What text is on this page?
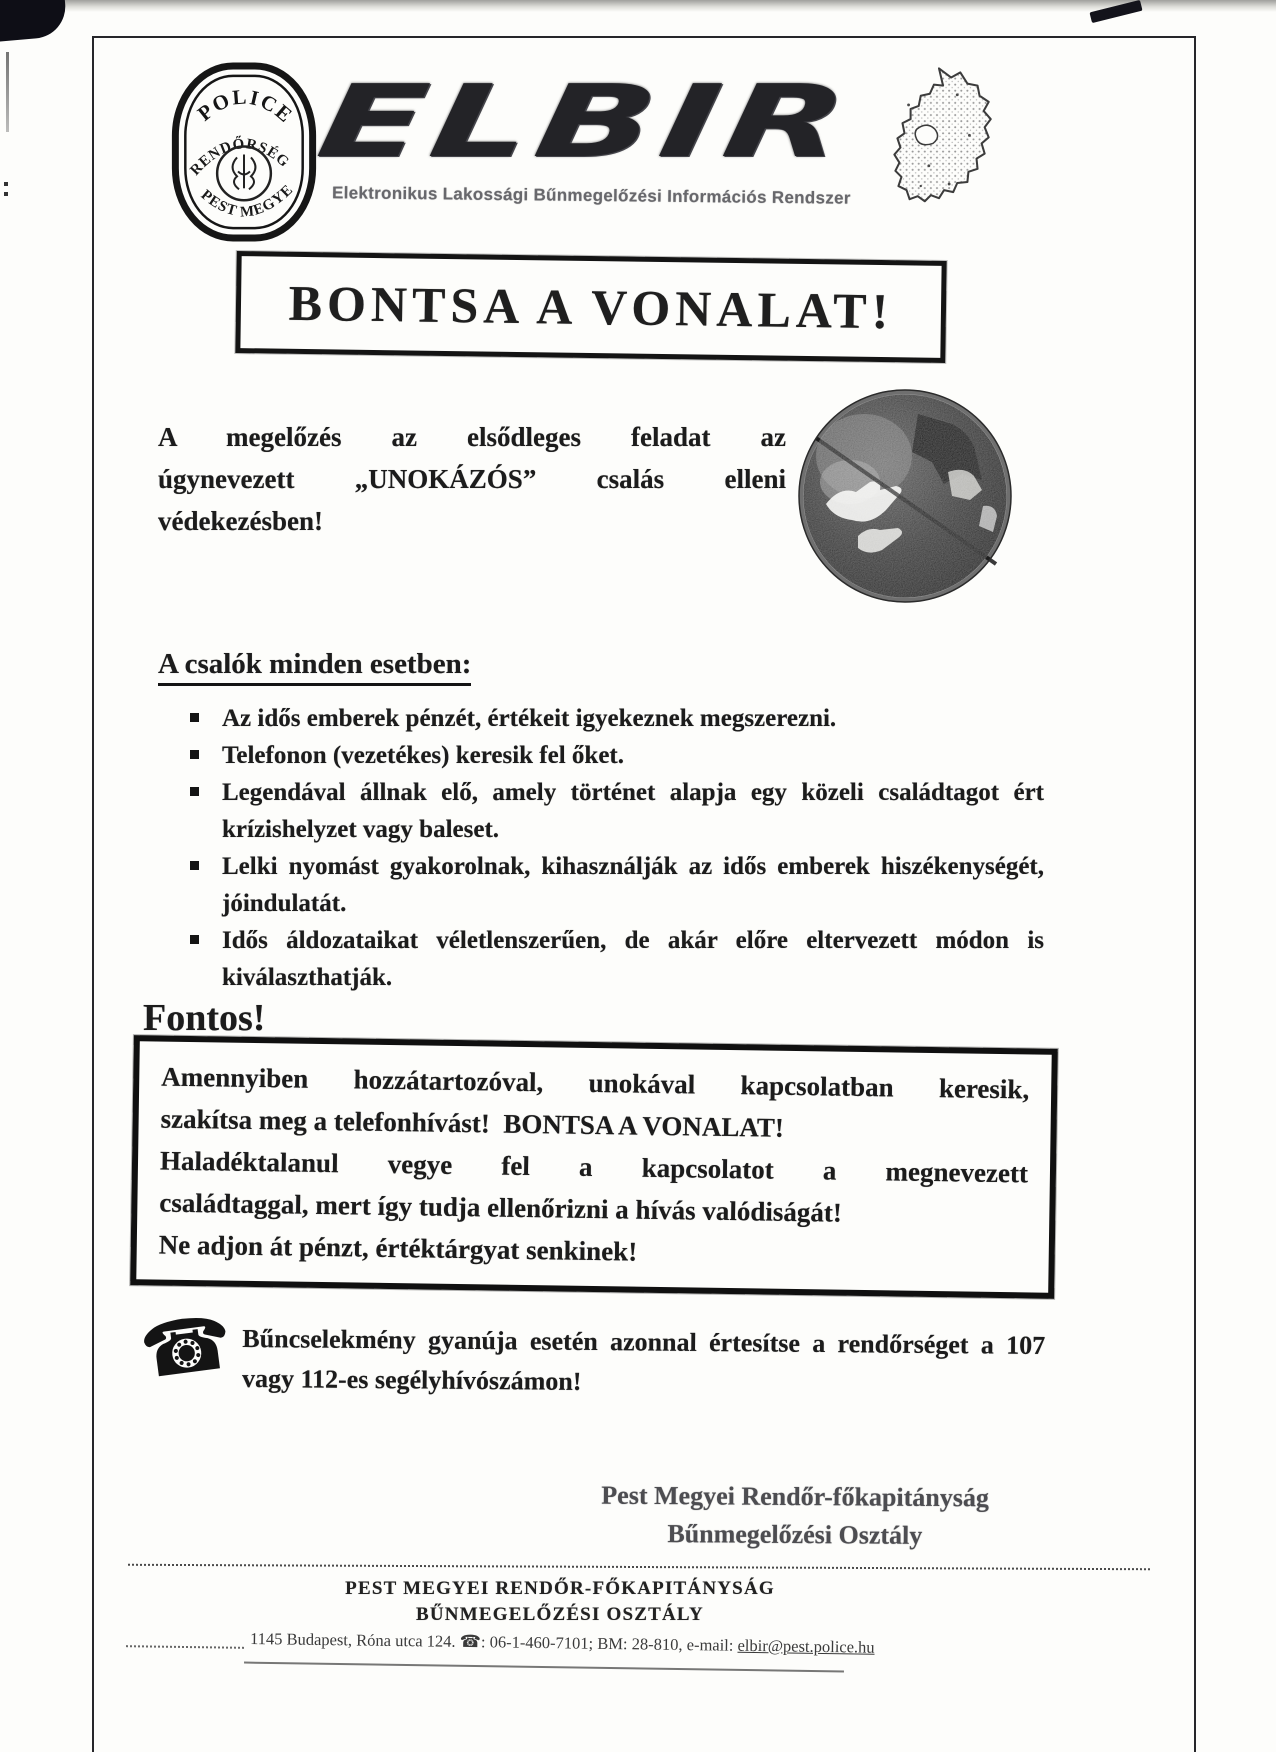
POLICE
RENDŐRSÉG
PEST MEGYE
ELBIR
Elektronikus Lakossági Bűnmegelőzési Információs Rendszer
BONTSA A VONALAT!
A megelőzés az elsődleges feladat az
úgynevezett „UNOKÁZÓS” csalás elleni
védekezésben!
A csalók minden esetben:
Az idős emberek pénzét, értékeit igyekeznek megszerezni.
Telefonon (vezetékes) keresik fel őket.
Legendával állnak elő, amely történet alapja egy közeli családtagot ért krízishelyzet vagy baleset.
Lelki nyomást gyakorolnak, kihasználják az idős emberek hiszékenységét, jóindulatát.
Idős áldozataikat véletlenszerűen, de akár előre eltervezett módon is kiválaszthatják.
Fontos!
Amennyiben hozzátartozóval, unokával kapcsolatban keresik,
szakítsa meg a telefonhívást!  BONTSA A VONALAT!
Haladéktalanul vegye fel a kapcsolatot a megnevezett
családtaggal, mert így tudja ellenőrizni a hívás valódiságát!
Ne adjon át pénzt, értéktárgyat senkinek!
☎ Bűncselekmény gyanúja esetén azonnal értesítse a rendőrséget a 107 vagy 112-es segélyhívószámon!
Pest Megyei Rendőr-főkapitányság
Bűnmegelőzési Osztály
PEST MEGYEI RENDŐR-FŐKAPITÁNYSÁG
BŰNMEGELŐZÉSI OSZTÁLY
1145 Budapest, Róna utca 124. ☎: 06-1-460-7101; BM: 28-810, e-mail: elbir@pest.police.hu
